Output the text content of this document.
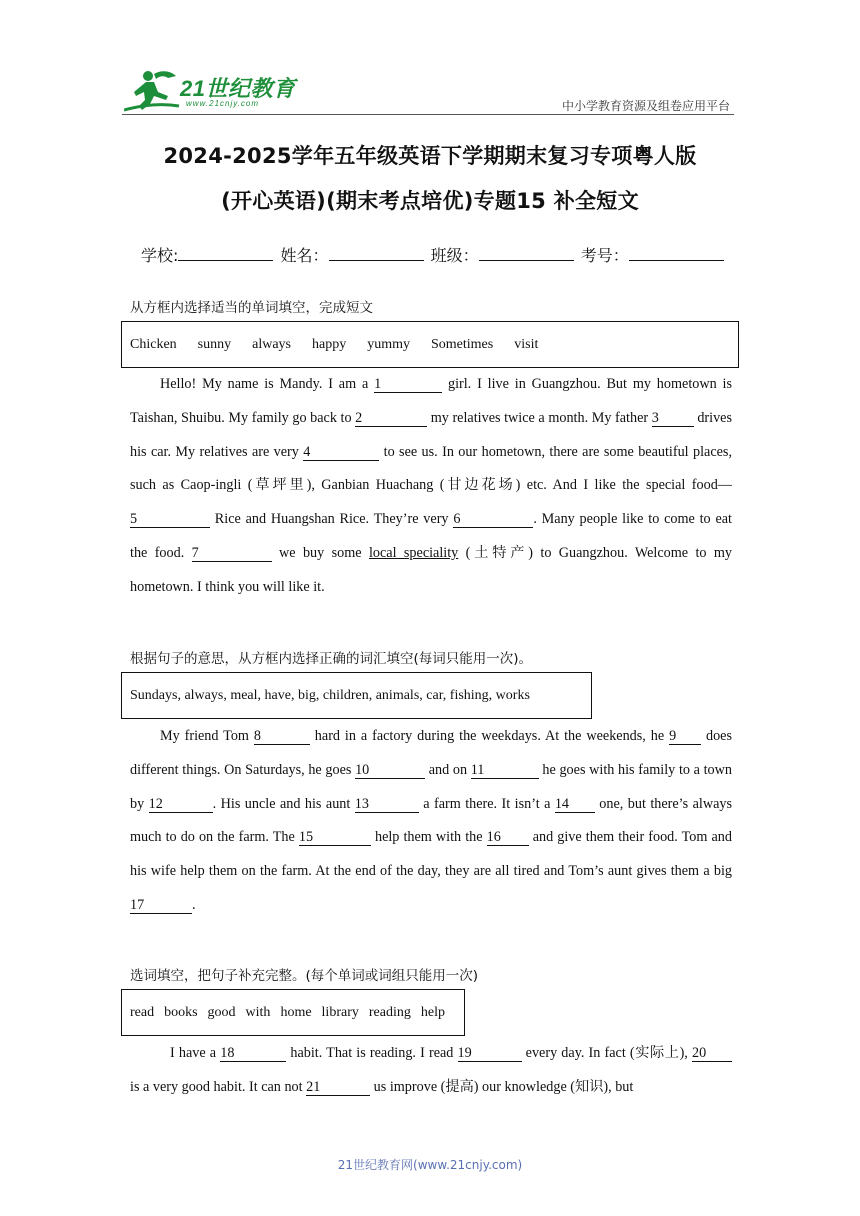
21世纪教育
www.21cnjy.com	中小学教育资源及组卷应用平台
2024-2025学年五年级英语下学期期末复习专项粤人版
(开心英语)(期末考点培优)专题15 补全短文
学校:	姓名：	班级：	考号：
从方框内选择适当的单词填空，完成短文
Chicken sunny always happy yummy Sometimes visit

Hello! My name is Mandy. I am a 1	girl. I live in Guangzhou. But my hometown is Taishan, Shuibu. My family go back to 2	my relatives twice a month. My father 3 drives his car. My relatives are very 4	to see us. In our hometown, there are some beautiful places, such as Caop-ingli (草坪里), Ganbian Huachang (甘边花场) etc. And I like the special food— 5	Rice and Huangshan Rice. They’re very 6	. Many people like to come to eat the food. 7	we buy some local speciality (土特产) to Guangzhou. Welcome to my hometown. I think you will like it.

根据句子的意思，从方框内选择正确的词汇填空(每词只能用一次)。
Sundays, always, meal, have, big, children, animals, car, fishing, works

My friend Tom 8	hard in a factory during the weekdays. At the weekends, he 9 does different things. On Saturdays, he goes 10	and on 11	he goes with his family to a town by 12	. His uncle and his aunt 13	a farm there. It isn’t a 14 one, but there’s always much to do on the farm. The 15	help them with the 16 and give them their food. Tom and his wife help them on the farm. At the end of the day, they are all tired and Tom’s aunt gives them a big 17	.

选词填空，把句子补充完整。(每个单词或词组只能用一次)
read books good with home library reading help

I have a 18	habit. That is reading. I read 19	every day. In fact (实际上), 20 is a very good habit. It can not 21	us improve (提高) our knowledge (知识), but

21世纪教育网(www.21cnjy.com)
